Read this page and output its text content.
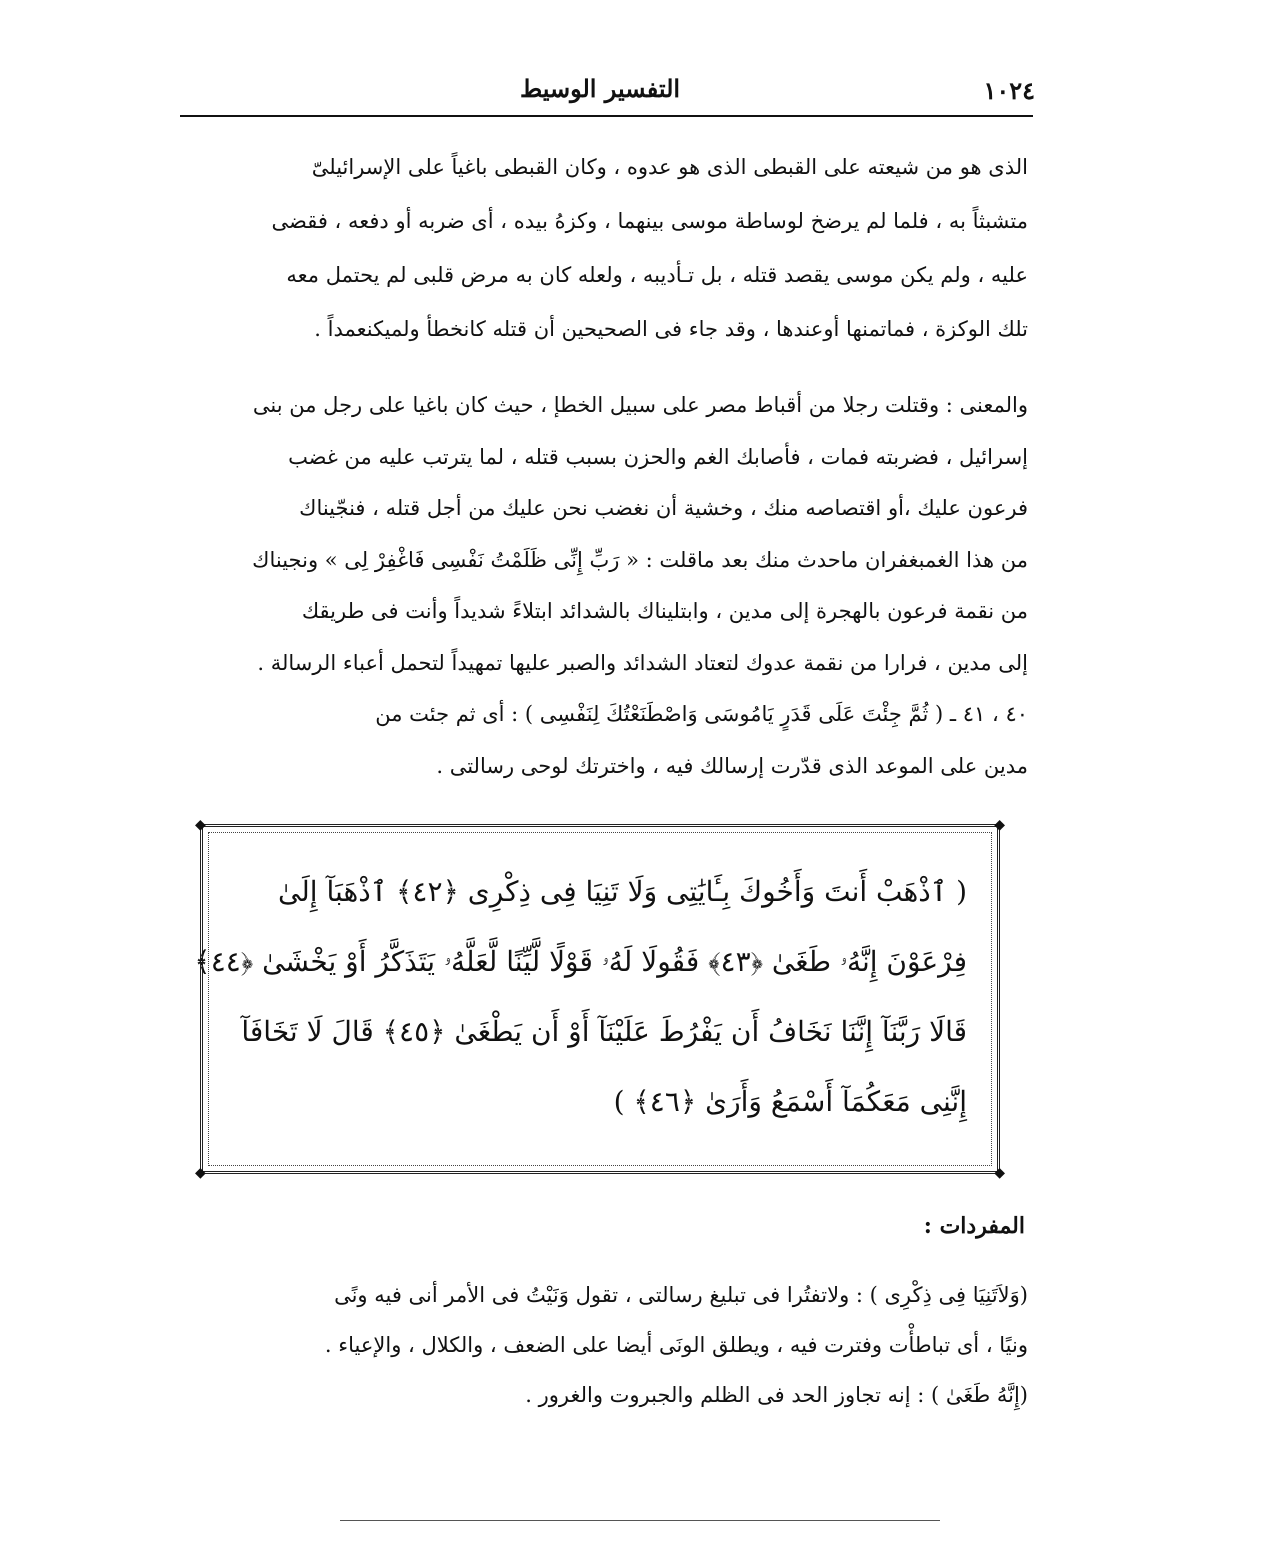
التفسير الوسيط	١٠٢٤
الذى هو من شيعته على القبطى الذى هو عدوه ، وكان القبطى باغياً على الإسرائيلىّ
متشبثاً به ، فلما لم يرضخ لوساطة موسى بينهما ، وكزهُ بيده ، أى ضربه أو دفعه ، فقضى
عليه ، ولم يكن موسى يقصد قتله ، بل تـأديبه ، ولعله كان به مرض قلبى لم يحتمل معه
تلك الوكزة ، فماتمنها أوعندها ، وقد جاء فى الصحيحين أن قتله كانخطأ ولميكنعمداً .
والمعنى : وقتلت رجلا من أقباط مصر على سبيل الخطإ ، حيث كان باغيا على رجل من بنى
إسرائيل ، فضربته فمات ، فأصابك الغم والحزن بسبب قتله ، لما يترتب عليه من غضب
فرعون عليك ،أو اقتصاصه منك ، وخشية أن نغضب نحن عليك من أجل قتله ، فنجّيناك
من هذا الغمبغفران ماحدث منك بعد ماقلت : « رَبِّ إِنِّى ظَلَمْتُ نَفْسِى فَاغْفِرْ لِى » ونجيناك
من نقمة فرعون بالهجرة إلى مدين ، وابتليناك بالشدائد ابتلاءً شديداً وأنت فى طريقك
إلى مدين ، فرارا من نقمة عدوك لتعتاد الشدائد والصبر عليها تمهيداً لتحمل أعباء الرسالة .
٤٠ ، ٤١ ـ ( ثُمَّ جِئْتَ عَلَى قَدَرٍ يَامُوسَى وَاصْطَنَعْتُكَ لِنَفْسِى ) : أى ثم جئت من
مدين على الموعد الذى قدّرت إرسالك فيه ، واخترتك لوحى رسالتى .
◆	◆
◆	◆
( ٱذْهَبْ أَنتَ وَأَخُوكَ بِـَٔايَٰتِى وَلَا تَنِيَا فِى ذِكْرِى ﴿٤٢﴾ ٱذْهَبَآ إِلَىٰ
فِرْعَوْنَ إِنَّهُۥ طَغَىٰ ﴿٤٣﴾ فَقُولَا لَهُۥ قَوْلًا لَّيِّنًا لَّعَلَّهُۥ يَتَذَكَّرُ أَوْ يَخْشَىٰ ﴿٤٤﴾
قَالَا رَبَّنَآ إِنَّنَا نَخَافُ أَن يَفْرُطَ عَلَيْنَآ أَوْ أَن يَطْغَىٰ ﴿٤٥﴾ قَالَ لَا تَخَافَآ
إِنَّنِى مَعَكُمَآ أَسْمَعُ وَأَرَىٰ ﴿٤٦﴾ )
المفردات :
(وَلاَتَنِيَا فِى ذِكْرِى ) : ولاتفتُرا فى تبليغ رسالتى ، تقول وَنَيْتُ فى الأمر أنى فيه ونًى
ونيًا ، أى تباطأْت وفترت فيه ، ويطلق الونَى أيضا على الضعف ، والكلال ، والإعياء .
(إِنَّهُ طَغَىٰ ) : إنه تجاوز الحد فى الظلم والجبروت والغرور .
